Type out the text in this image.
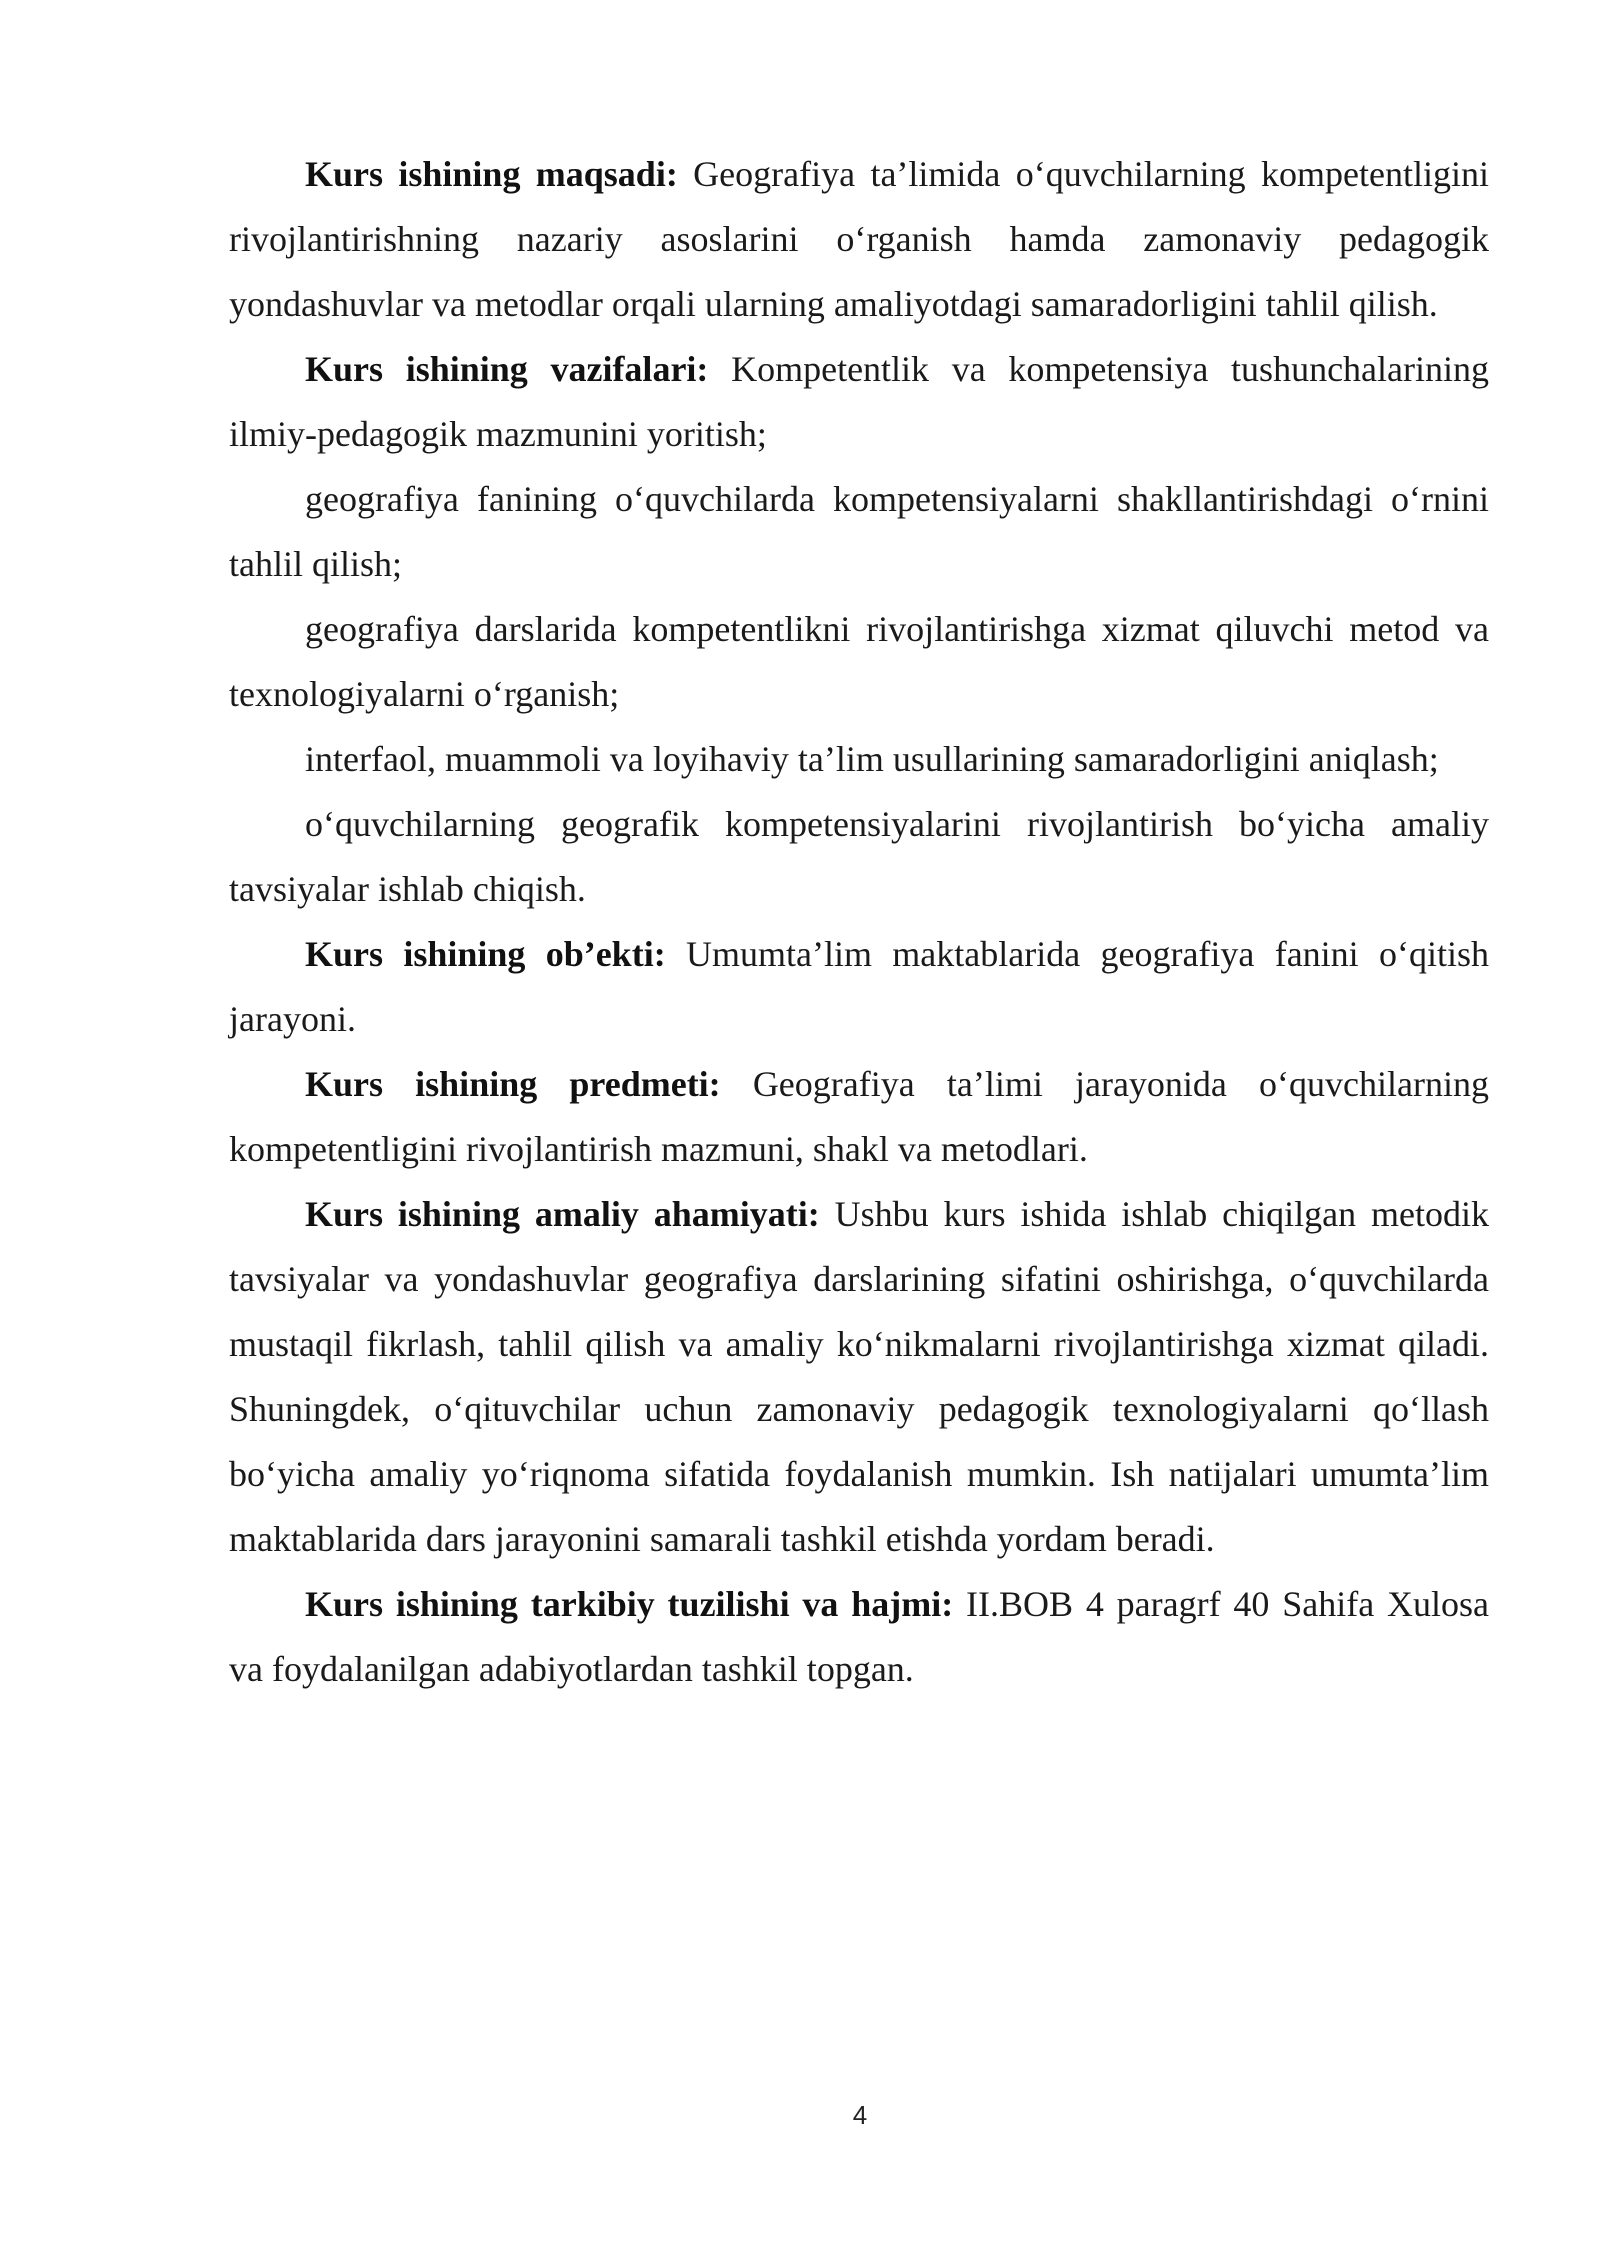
Kurs ishining maqsadi: Geografiya ta’limida o‘quvchilarning kompetentligini rivojlantirishning nazariy asoslarini o‘rganish hamda zamonaviy pedagogik yondashuvlar va metodlar orqali ularning amaliyotdagi samaradorligini tahlil qilish.

Kurs ishining vazifalari: Kompetentlik va kompetensiya tushunchalarining ilmiy-pedagogik mazmunini yoritish;

geografiya fanining o‘quvchilarda kompetensiyalarni shakllantirishdagi o‘rnini tahlil qilish;

geografiya darslarida kompetentlikni rivojlantirishga xizmat qiluvchi metod va texnologiyalarni o‘rganish;

interfaol, muammoli va loyihaviy ta’lim usullarining samaradorligini aniqlash;

o‘quvchilarning geografik kompetensiyalarini rivojlantirish bo‘yicha amaliy tavsiyalar ishlab chiqish.

Kurs ishining ob’ekti: Umumta’lim maktablarida geografiya fanini o‘qitish jarayoni.

Kurs ishining predmeti: Geografiya ta’limi jarayonida o‘quvchilarning kompetentligini rivojlantirish mazmuni, shakl va metodlari.

Kurs ishining amaliy ahamiyati: Ushbu kurs ishida ishlab chiqilgan metodik tavsiyalar va yondashuvlar geografiya darslarining sifatini oshirishga, o‘quvchilarda mustaqil fikrlash, tahlil qilish va amaliy ko‘nikmalarni rivojlantirishga xizmat qiladi. Shuningdek, o‘qituvchilar uchun zamonaviy pedagogik texnologiyalarni qo‘llash bo‘yicha amaliy yo‘riqnoma sifatida foydalanish mumkin. Ish natijalari umumta’lim maktablarida dars jarayonini samarali tashkil etishda yordam beradi.

Kurs ishining tarkibiy tuzilishi va hajmi: II.BOB 4 paragrf 40 Sahifa Xulosa va foydalanilgan adabiyotlardan tashkil topgan.

4
